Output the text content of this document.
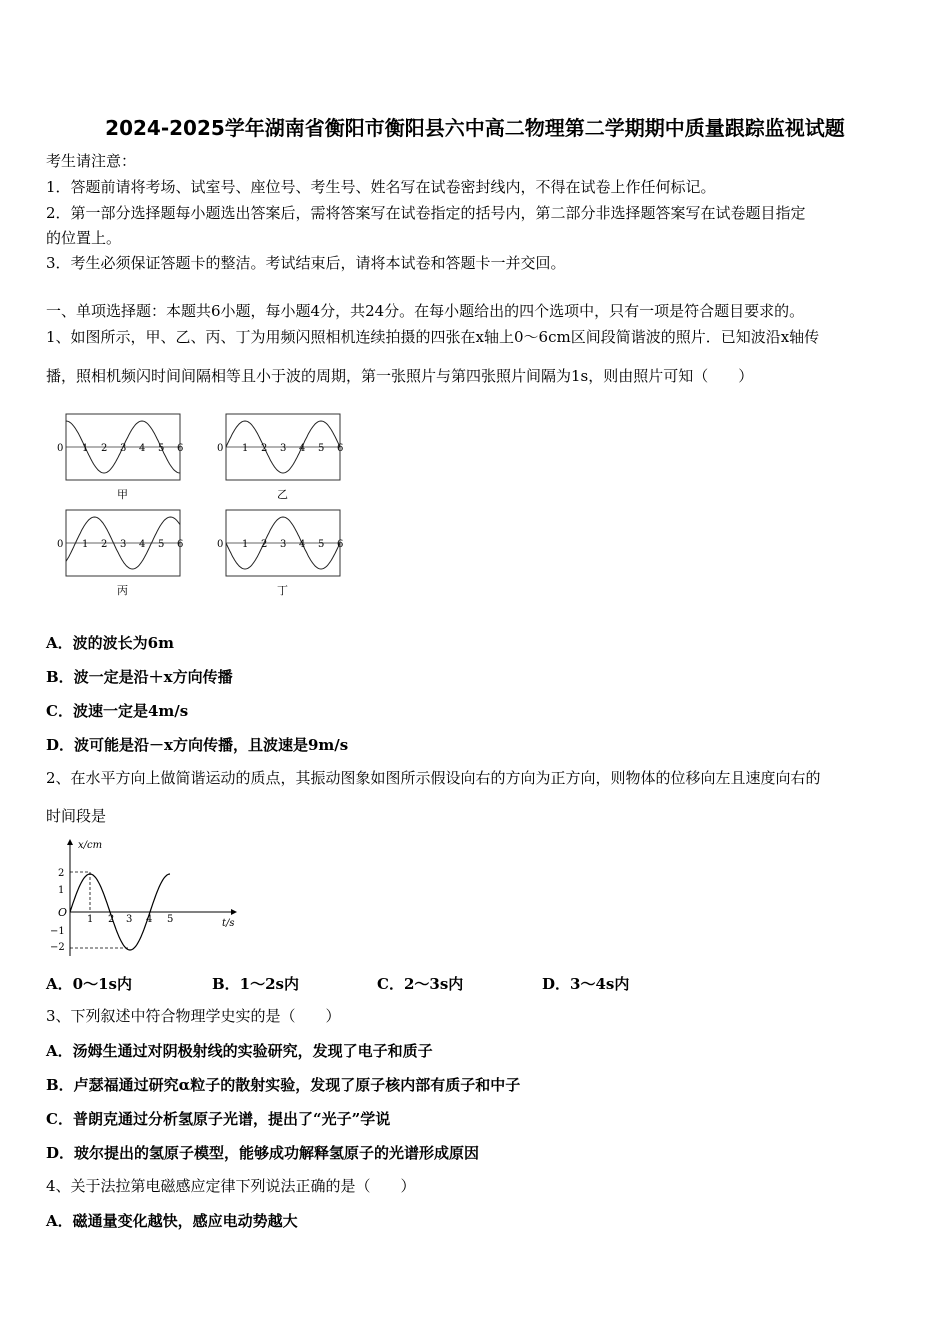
2024-2025学年湖南省衡阳市衡阳县六中高二物理第二学期期中质量跟踪监视试题
考生请注意：
1．答题前请将考场、试室号、座位号、考生号、姓名写在试卷密封线内，不得在试卷上作任何标记。
2．第一部分选择题每小题选出答案后，需将答案写在试卷指定的括号内，第二部分非选择题答案写在试卷题目指定
的位置上。
3．考生必须保证答题卡的整洁。考试结束后，请将本试卷和答题卡一并交回。
一、单项选择题：本题共6小题，每小题4分，共24分。在每小题给出的四个选项中，只有一项是符合题目要求的。
1、如图所示，甲、乙、丙、丁为用频闪照相机连续拍摄的四张在x轴上0～6cm区间段简谐波的照片．已知波沿x轴传
播，照相机频闪时间间隔相等且小于波的周期，第一张照片与第四张照片间隔为1s，则由照片可知（　　）
0 1 2 3 4 5 6
甲
0 1 2 3 4 5 6
乙
0 1 2 3 4 5 6
丙
0 1 2 3 4 5 6
丁
A．波的波长为6m
B．波一定是沿＋x方向传播
C．波速一定是4m/s
D．波可能是沿－x方向传播，且波速是9m/s
2、在水平方向上做简谐运动的质点，其振动图象如图所示假设向右的方向为正方向，则物体的位移向左且速度向右的
时间段是
x/cm
t/s
O
2
1
−1
−2
1 2 3 4 5
A．0～1s内	B．1～2s内	C．2～3s内	D．3～4s内
3、下列叙述中符合物理学史实的是（　　）
A．汤姆生通过对阴极射线的实验研究，发现了电子和质子
B．卢瑟福通过研究α粒子的散射实验，发现了原子核内部有质子和中子
C．普朗克通过分析氢原子光谱，提出了“光子”学说
D．玻尔提出的氢原子模型，能够成功解释氢原子的光谱形成原因
4、关于法拉第电磁感应定律下列说法正确的是（　　）
A．磁通量变化越快，感应电动势越大
